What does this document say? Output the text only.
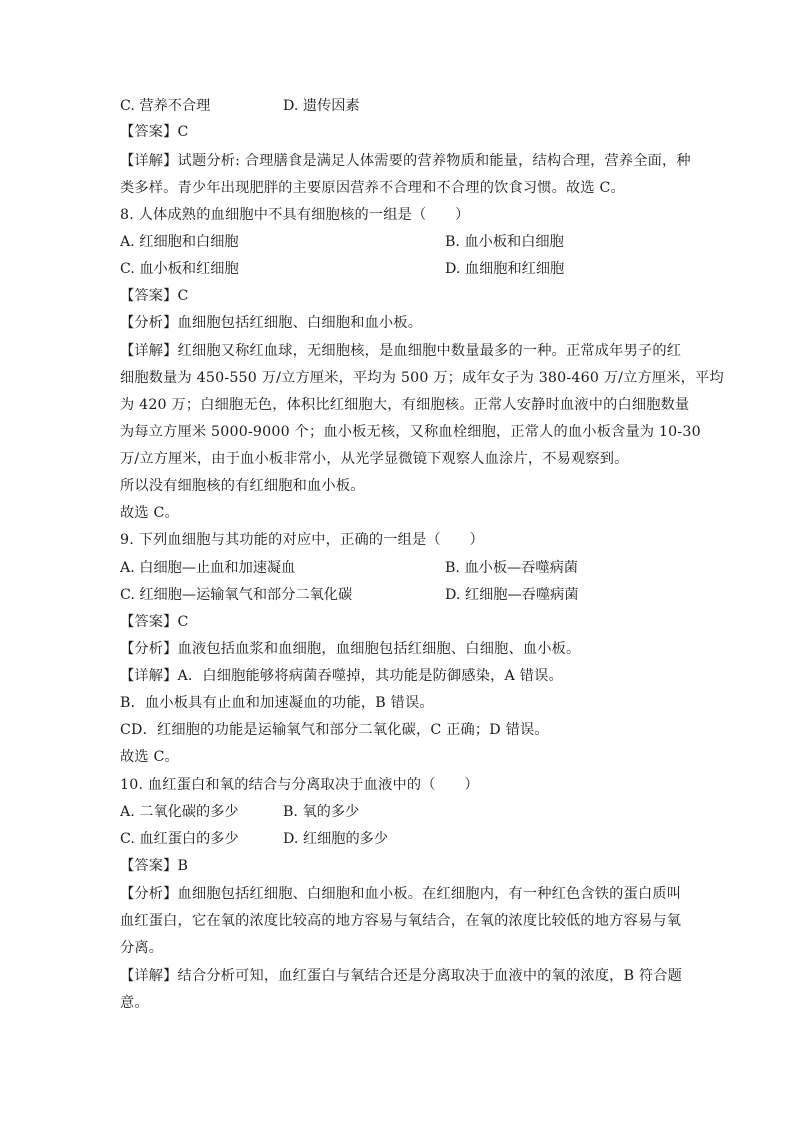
C. 营养不合理	D. 遗传因素
【答案】C
【详解】试题分析: 合理膳食是满足人体需要的营养物质和能量，结构合理，营养全面，种
类多样。青少年出现肥胖的主要原因营养不合理和不合理的饮食习惯。故选 C。
8. 人体成熟的血细胞中不具有细胞核的一组是（　　）
A. 红细胞和白细胞	B. 血小板和白细胞
C. 血小板和红细胞	D. 血细胞和红细胞
【答案】C
【分析】血细胞包括红细胞、白细胞和血小板。
【详解】红细胞又称红血球，无细胞核，是血细胞中数量最多的一种。正常成年男子的红
细胞数量为 450-550 万/立方厘米，平均为 500 万；成年女子为 380-460 万/立方厘米，平均
为 420 万；白细胞无色，体积比红细胞大，有细胞核。正常人安静时血液中的白细胞数量
为每立方厘米 5000-9000 个；血小板无核，又称血栓细胞，正常人的血小板含量为 10-30
万/立方厘米，由于血小板非常小，从光学显微镜下观察人血涂片，不易观察到。
所以没有细胞核的有红细胞和血小板。
故选 C。
9. 下列血细胞与其功能的对应中，正确的一组是（　　）
A. 白细胞—止血和加速凝血	B. 血小板—吞噬病菌
C. 红细胞—运输氧气和部分二氧化碳	D. 红细胞—吞噬病菌
【答案】C
【分析】血液包括血浆和血细胞，血细胞包括红细胞、白细胞、血小板。
【详解】A．白细胞能够将病菌吞噬掉，其功能是防御感染，A 错误。
B．血小板具有止血和加速凝血的功能，B 错误。
CD．红细胞的功能是运输氧气和部分二氧化碳，C 正确；D 错误。
故选 C。
10. 血红蛋白和氧的结合与分离取决于血液中的（　　）
A. 二氧化碳的多少	B. 氧的多少
C. 血红蛋白的多少	D. 红细胞的多少
【答案】B
【分析】血细胞包括红细胞、白细胞和血小板。在红细胞内，有一种红色含铁的蛋白质叫
血红蛋白，它在氧的浓度比较高的地方容易与氧结合，在氧的浓度比较低的地方容易与氧
分离。
【详解】结合分析可知，血红蛋白与氧结合还是分离取决于血液中的氧的浓度，B 符合题
意。
